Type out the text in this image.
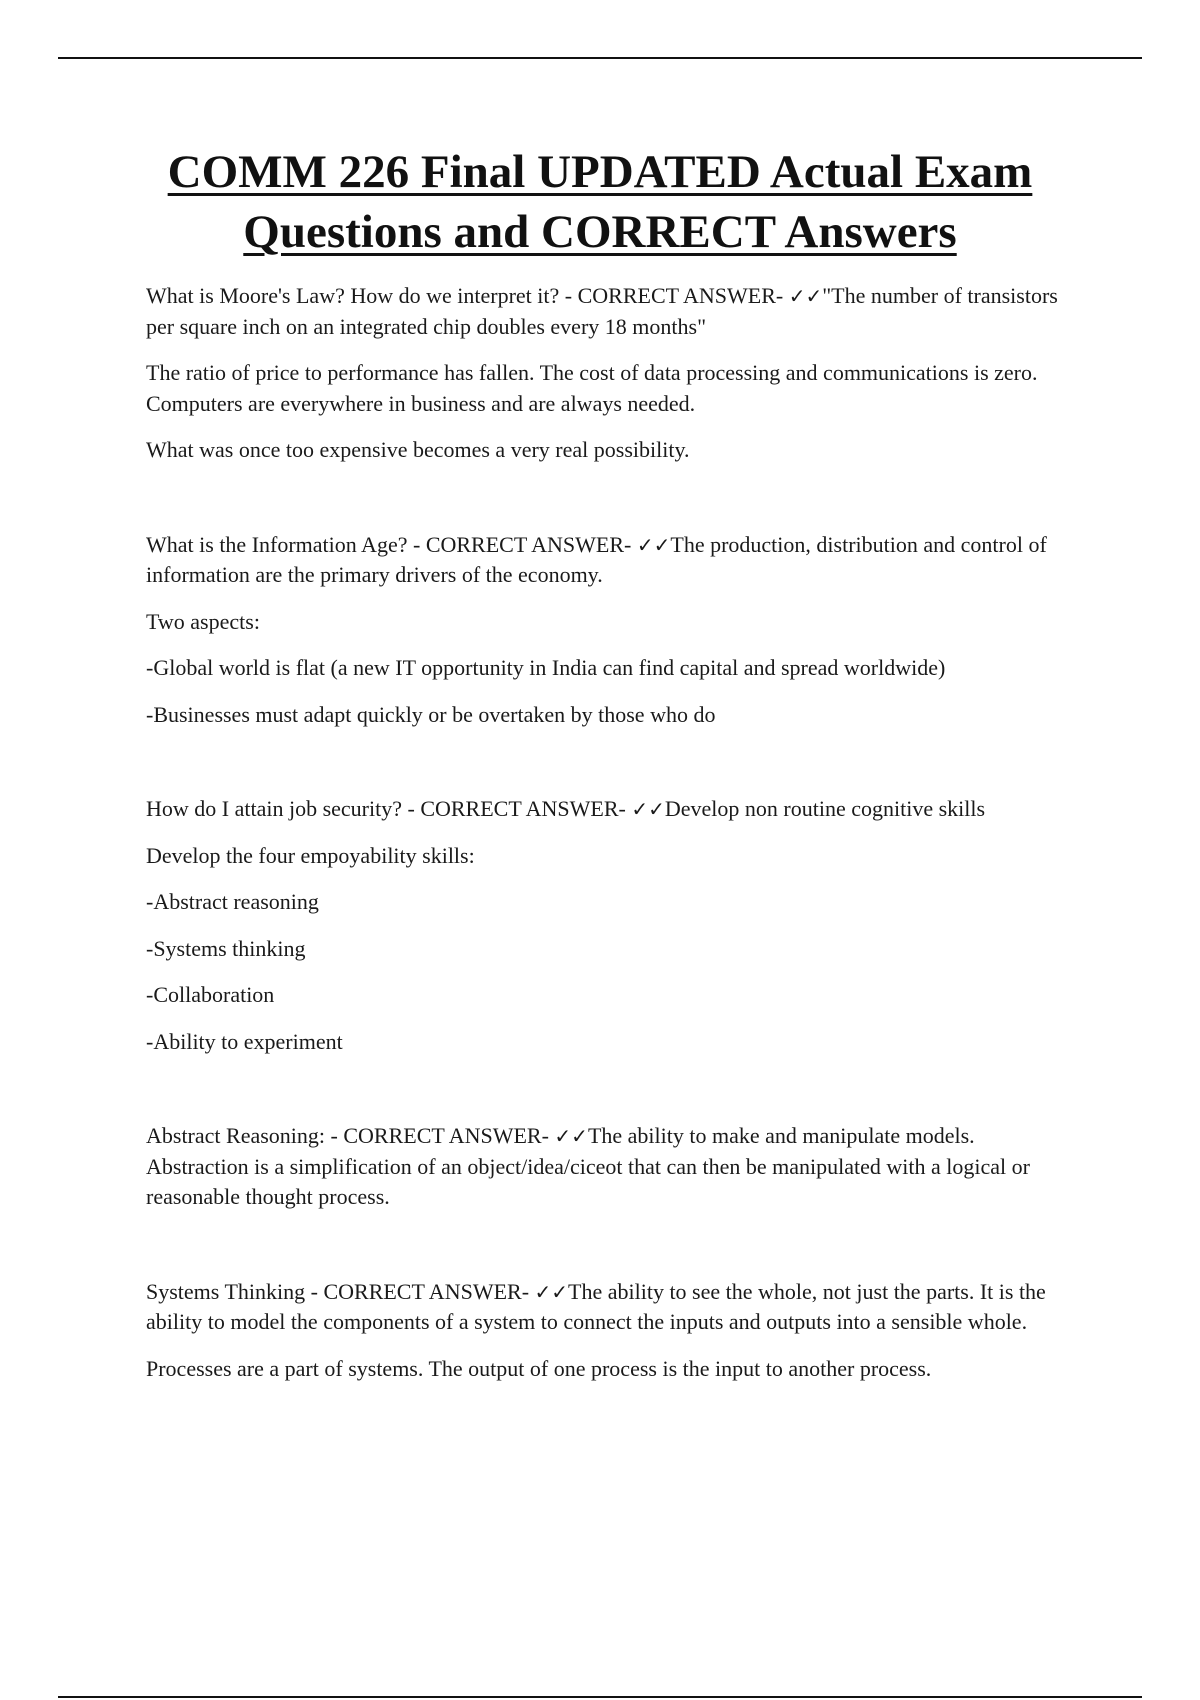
COMM 226 Final UPDATED Actual Exam
Questions and CORRECT Answers

What is Moore's Law? How do we interpret it? - CORRECT ANSWER- ✓✓"The number of transistors per square inch on an integrated chip doubles every 18 months"

The ratio of price to performance has fallen. The cost of data processing and communications is zero. Computers are everywhere in business and are always needed.

What was once too expensive becomes a very real possibility.

What is the Information Age? - CORRECT ANSWER- ✓✓The production, distribution and control of information are the primary drivers of the economy.

Two aspects:

-Global world is flat (a new IT opportunity in India can find capital and spread worldwide)

-Businesses must adapt quickly or be overtaken by those who do

How do I attain job security? - CORRECT ANSWER- ✓✓Develop non routine cognitive skills

Develop the four empoyability skills:

-Abstract reasoning

-Systems thinking

-Collaboration

-Ability to experiment

Abstract Reasoning: - CORRECT ANSWER- ✓✓The ability to make and manipulate models. Abstraction is a simplification of an object/idea/ciceot that can then be manipulated with a logical or reasonable thought process.

Systems Thinking - CORRECT ANSWER- ✓✓The ability to see the whole, not just the parts. It is the ability to model the components of a system to connect the inputs and outputs into a sensible whole.

Processes are a part of systems. The output of one process is the input to another process.
